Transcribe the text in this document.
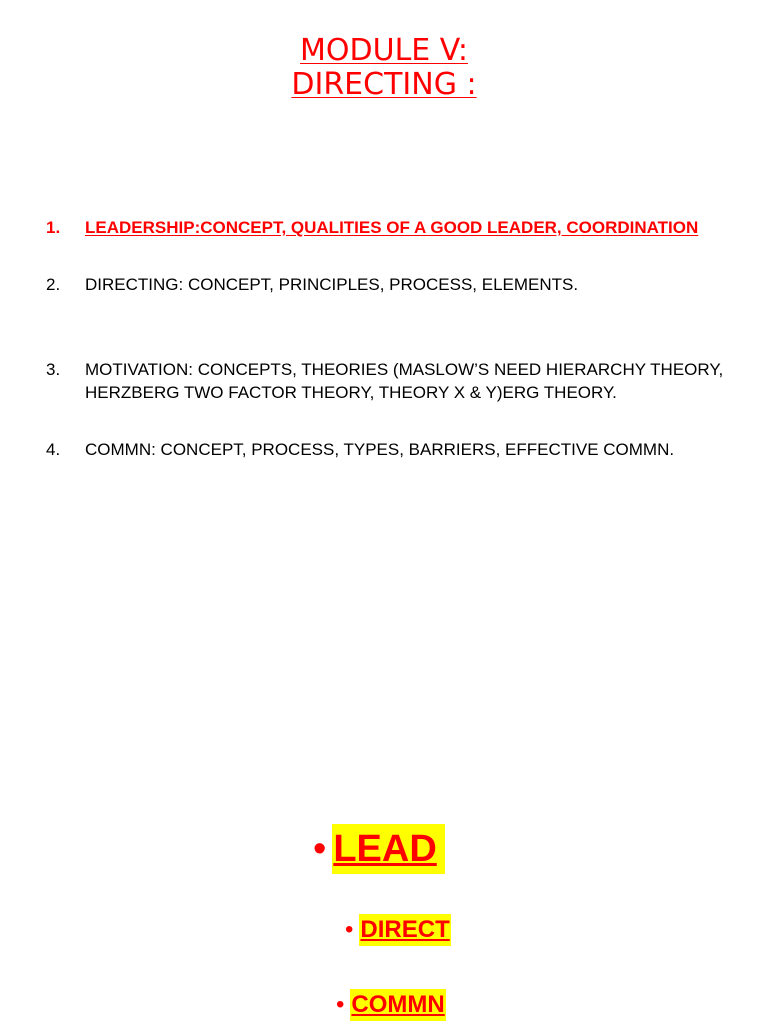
MODULE V:
DIRECTING :
1. LEADERSHIP:CONCEPT, QUALITIES OF A GOOD LEADER, COORDINATION
2. DIRECTING: CONCEPT, PRINCIPLES, PROCESS, ELEMENTS.
3. MOTIVATION: CONCEPTS, THEORIES (MASLOW’S NEED HIERARCHY THEORY, HERZBERG TWO FACTOR THEORY, THEORY X & Y)ERG THEORY.
4. COMMN: CONCEPT, PROCESS, TYPES, BARRIERS, EFFECTIVE COMMN.
• LEAD
• DIRECT
• COMMN
